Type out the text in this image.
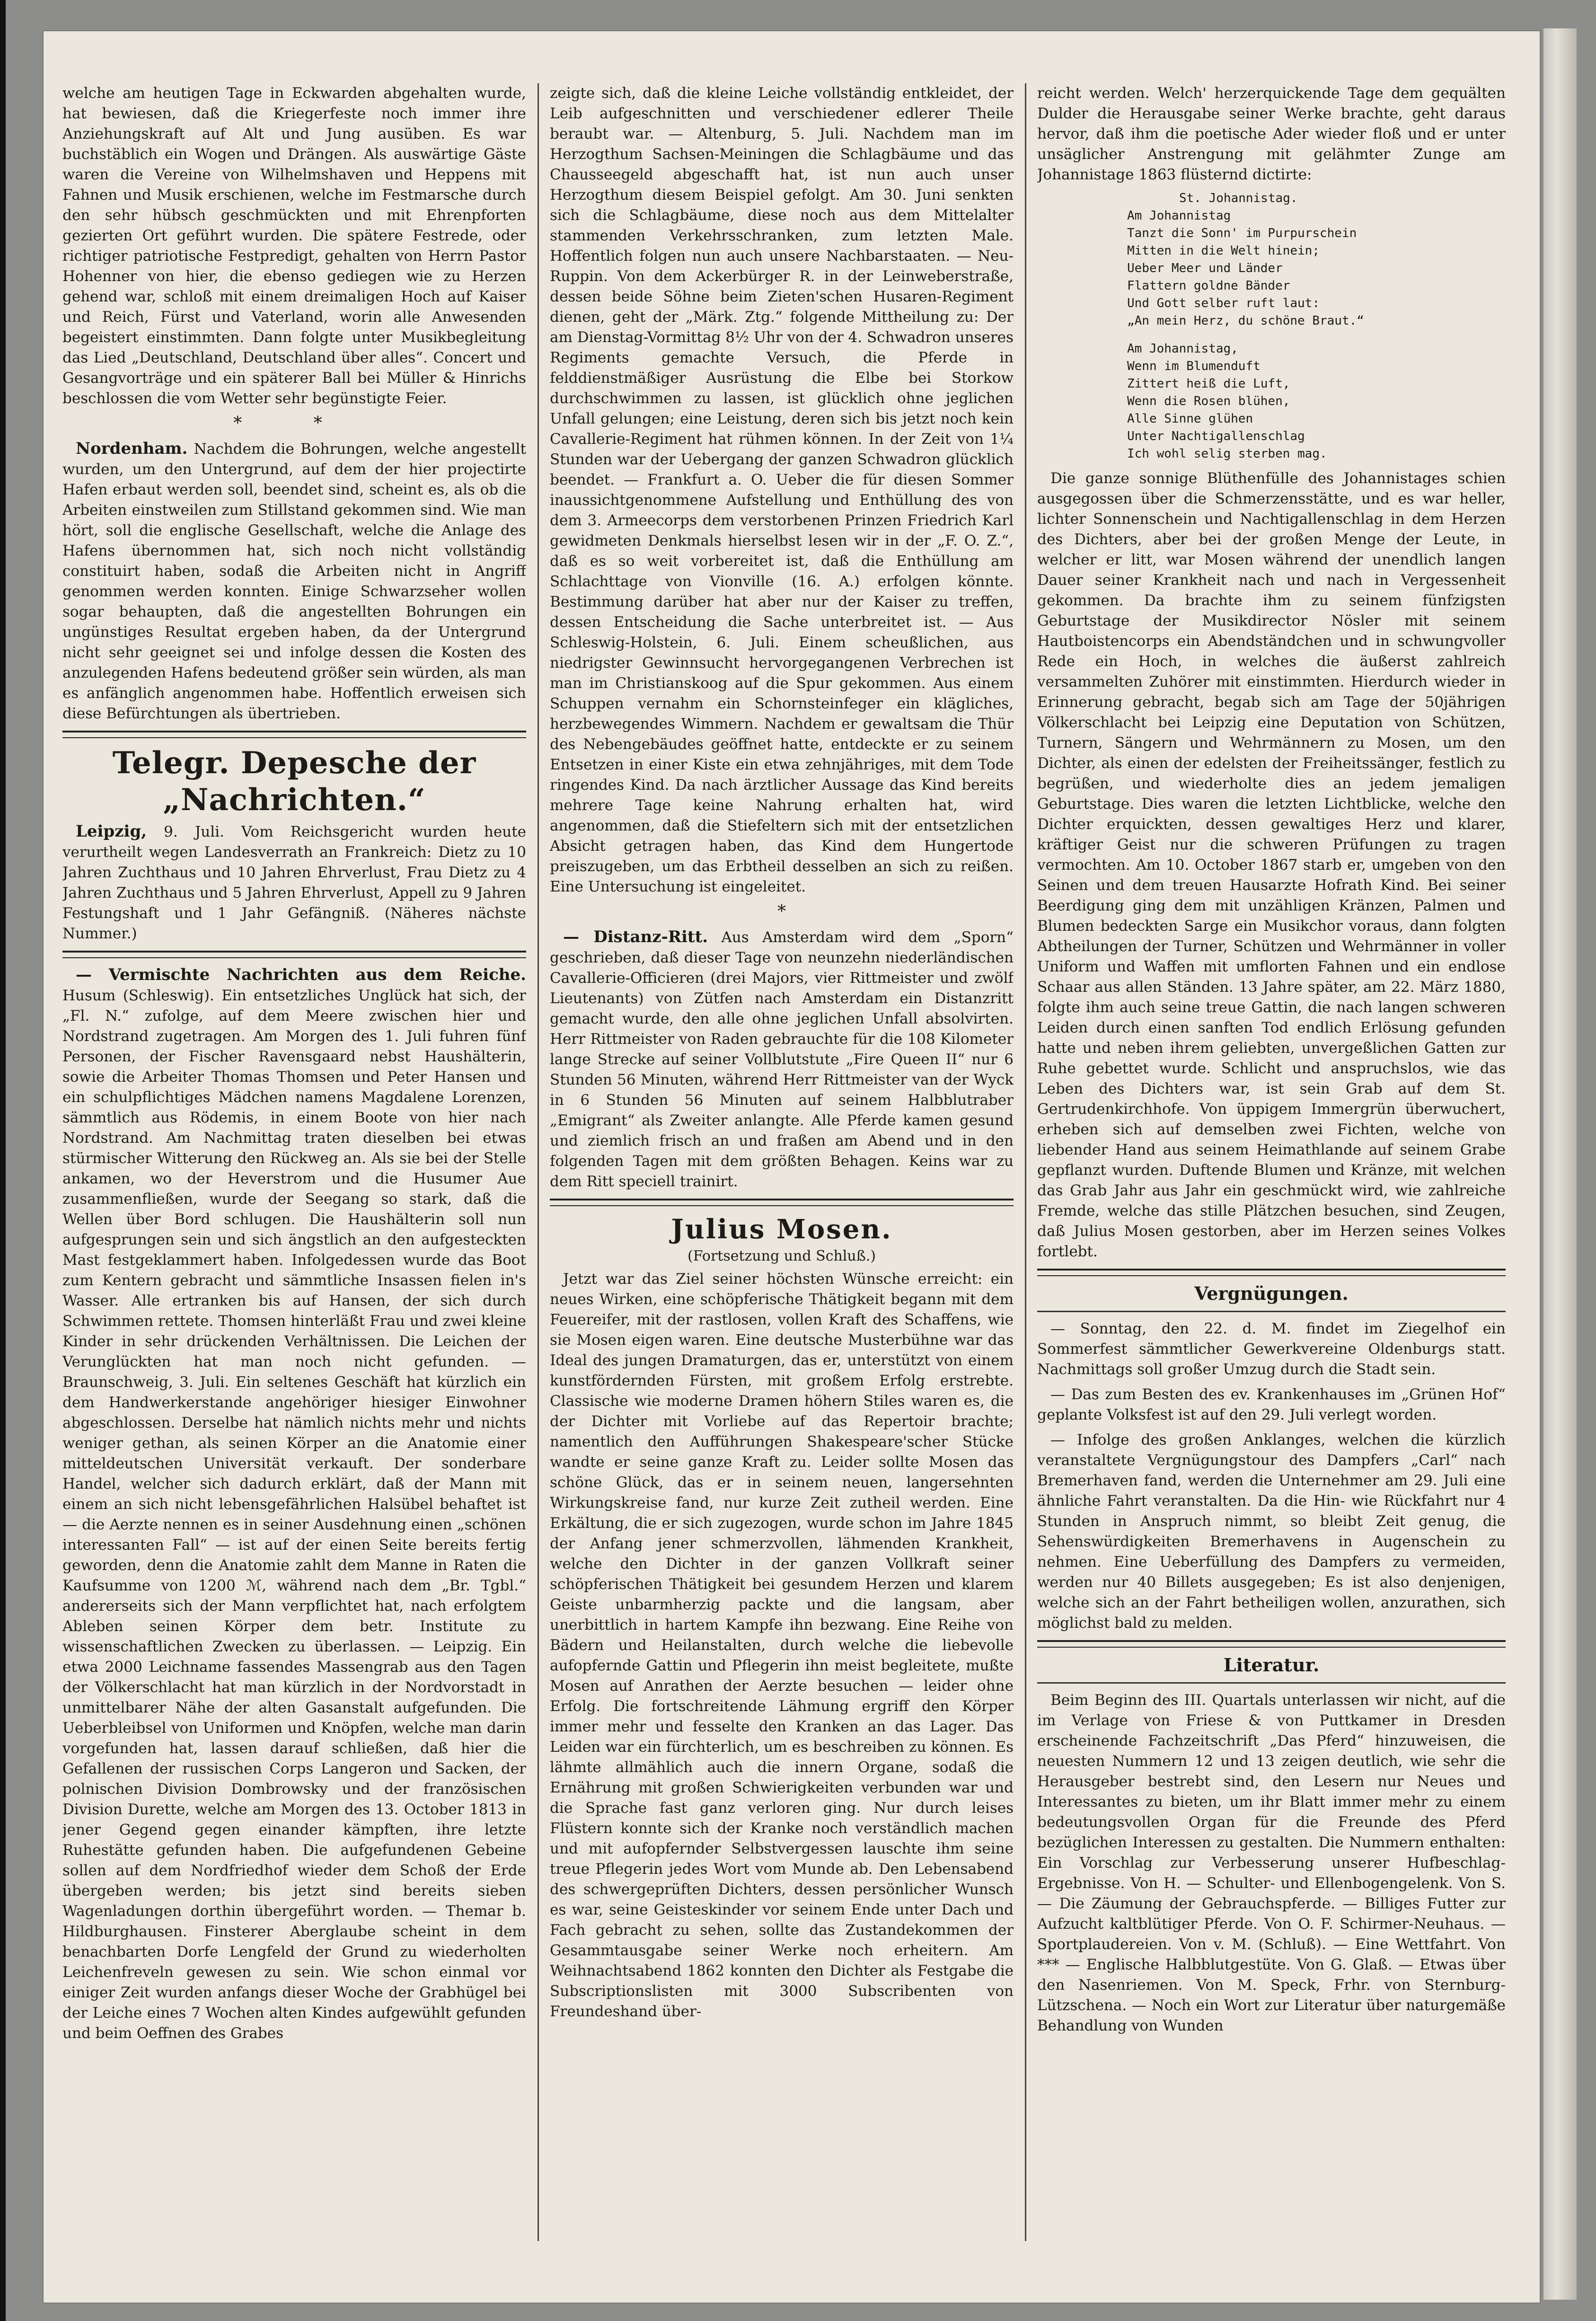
welche am heutigen Tage in Eckwarden abgehalten wurde, hat bewiesen, daß die Kriegerfeste noch immer ihre Anziehungskraft auf Alt und Jung ausüben. Es war buchstäblich ein Wogen und Drängen. Als auswärtige Gäste waren die Vereine von Wilhelmshaven und Heppens mit Fahnen und Musik erschienen, welche im Festmarsche durch den sehr hübsch geschmückten und mit Ehrenpforten gezierten Ort geführt wurden. Die spätere Festrede, oder richtiger patriotische Festpredigt, gehalten von Herrn Pastor Hohenner von hier, die ebenso gediegen wie zu Herzen gehend war, schloß mit einem dreimaligen Hoch auf Kaiser und Reich, Fürst und Vaterland, worin alle Anwesenden begeistert einstimmten. Dann folgte unter Musikbegleitung das Lied „Deutschland, Deutschland über alles“. Concert und Gesangvorträge und ein späterer Ball bei Müller & Hinrichs beschlossen die vom Wetter sehr begünstigte Feier.

* *

Nordenham. Nachdem die Bohrungen, welche angestellt wurden, um den Untergrund, auf dem der hier projectirte Hafen erbaut werden soll, beendet sind, scheint es, als ob die Arbeiten einstweilen zum Stillstand gekommen sind. Wie man hört, soll die englische Gesellschaft, welche die Anlage des Hafens übernommen hat, sich noch nicht vollständig constituirt haben, sodaß die Arbeiten nicht in Angriff genommen werden konnten. Einige Schwarzseher wollen sogar behaupten, daß die angestellten Bohrungen ein ungünstiges Resultat ergeben haben, da der Untergrund nicht sehr geeignet sei und infolge dessen die Kosten des anzulegenden Hafens bedeutend größer sein würden, als man es anfänglich angenommen habe. Hoffentlich erweisen sich diese Befürchtungen als übertrieben.

Telegr. Depesche der „Nachrichten.“

Leipzig, 9. Juli. Vom Reichsgericht wurden heute verurtheilt wegen Landesverrath an Frankreich: Dietz zu 10 Jahren Zuchthaus und 10 Jahren Ehrverlust, Frau Dietz zu 4 Jahren Zuchthaus und 5 Jahren Ehrverlust, Appell zu 9 Jahren Festungshaft und 1 Jahr Gefängniß. (Näheres nächste Nummer.)

— Vermischte Nachrichten aus dem Reiche. Husum (Schleswig). Ein entsetzliches Unglück hat sich, der „Fl. N.“ zufolge, auf dem Meere zwischen hier und Nordstrand zugetragen. Am Morgen des 1. Juli fuhren fünf Personen, der Fischer Ravensgaard nebst Haushälterin, sowie die Arbeiter Thomas Thomsen und Peter Hansen und ein schulpflichtiges Mädchen namens Magdalene Lorenzen, sämmtlich aus Rödemis, in einem Boote von hier nach Nordstrand. Am Nachmittag traten dieselben bei etwas stürmischer Witterung den Rückweg an. Als sie bei der Stelle ankamen, wo der Heverstrom und die Husumer Aue zusammenfließen, wurde der Seegang so stark, daß die Wellen über Bord schlugen. Die Haushälterin soll nun aufgesprungen sein und sich ängstlich an den aufgesteckten Mast festgeklammert haben. Infolgedessen wurde das Boot zum Kentern gebracht und sämmtliche Insassen fielen in's Wasser. Alle ertranken bis auf Hansen, der sich durch Schwimmen rettete. Thomsen hinterläßt Frau und zwei kleine Kinder in sehr drückenden Verhältnissen. Die Leichen der Verunglückten hat man noch nicht gefunden. — Braunschweig, 3. Juli. Ein seltenes Geschäft hat kürzlich ein dem Handwerkerstande angehöriger hiesiger Einwohner abgeschlossen. Derselbe hat nämlich nichts mehr und nichts weniger gethan, als seinen Körper an die Anatomie einer mitteldeutschen Universität verkauft. Der sonderbare Handel, welcher sich dadurch erklärt, daß der Mann mit einem an sich nicht lebensgefährlichen Halsübel behaftet ist — die Aerzte nennen es in seiner Ausdehnung einen „schönen interessanten Fall“ — ist auf der einen Seite bereits fertig geworden, denn die Anatomie zahlt dem Manne in Raten die Kaufsumme von 1200 ℳ, während nach dem „Br. Tgbl.“ andererseits sich der Mann verpflichtet hat, nach erfolgtem Ableben seinen Körper dem betr. Institute zu wissenschaftlichen Zwecken zu überlassen. — Leipzig. Ein etwa 2000 Leichname fassendes Massengrab aus den Tagen der Völkerschlacht hat man kürzlich in der Nordvorstadt in unmittelbarer Nähe der alten Gasanstalt aufgefunden. Die Ueberbleibsel von Uniformen und Knöpfen, welche man darin vorgefunden hat, lassen darauf schließen, daß hier die Gefallenen der russischen Corps Langeron und Sacken, der polnischen Division Dombrowsky und der französischen Division Durette, welche am Morgen des 13. October 1813 in jener Gegend gegen einander kämpften, ihre letzte Ruhestätte gefunden haben. Die aufgefundenen Gebeine sollen auf dem Nordfriedhof wieder dem Schoß der Erde übergeben werden; bis jetzt sind bereits sieben Wagenladungen dorthin übergeführt worden. — Themar b. Hildburghausen. Finsterer Aberglaube scheint in dem benachbarten Dorfe Lengfeld der Grund zu wiederholten Leichenfreveln gewesen zu sein. Wie schon einmal vor einiger Zeit wurden anfangs dieser Woche der Grabhügel bei der Leiche eines 7 Wochen alten Kindes aufgewühlt gefunden und beim Oeffnen des Grabes

zeigte sich, daß die kleine Leiche vollständig entkleidet, der Leib aufgeschnitten und verschiedener edlerer Theile beraubt war. — Altenburg, 5. Juli. Nachdem man im Herzogthum Sachsen-Meiningen die Schlagbäume und das Chausseegeld abgeschafft hat, ist nun auch unser Herzogthum diesem Beispiel gefolgt. Am 30. Juni senkten sich die Schlagbäume, diese noch aus dem Mittelalter stammenden Verkehrsschranken, zum letzten Male. Hoffentlich folgen nun auch unsere Nachbarstaaten. — Neu-Ruppin. Von dem Ackerbürger R. in der Leinweberstraße, dessen beide Söhne beim Zieten'schen Husaren-Regiment dienen, geht der „Märk. Ztg.“ folgende Mittheilung zu: Der am Dienstag-Vormittag 8½ Uhr von der 4. Schwadron unseres Regiments gemachte Versuch, die Pferde in felddienstmäßiger Ausrüstung die Elbe bei Storkow durchschwimmen zu lassen, ist glücklich ohne jeglichen Unfall gelungen; eine Leistung, deren sich bis jetzt noch kein Cavallerie-Regiment hat rühmen können. In der Zeit von 1¼ Stunden war der Uebergang der ganzen Schwadron glücklich beendet. — Frankfurt a. O. Ueber die für diesen Sommer inaussichtgenommene Aufstellung und Enthüllung des von dem 3. Armeecorps dem verstorbenen Prinzen Friedrich Karl gewidmeten Denkmals hierselbst lesen wir in der „F. O. Z.“, daß es so weit vorbereitet ist, daß die Enthüllung am Schlachttage von Vionville (16. A.) erfolgen könnte. Bestimmung darüber hat aber nur der Kaiser zu treffen, dessen Entscheidung die Sache unterbreitet ist. — Aus Schleswig-Holstein, 6. Juli. Einem scheußlichen, aus niedrigster Gewinnsucht hervorgegangenen Verbrechen ist man im Christianskoog auf die Spur gekommen. Aus einem Schuppen vernahm ein Schornsteinfeger ein klägliches, herzbewegendes Wimmern. Nachdem er gewaltsam die Thür des Nebengebäudes geöffnet hatte, entdeckte er zu seinem Entsetzen in einer Kiste ein etwa zehnjähriges, mit dem Tode ringendes Kind. Da nach ärztlicher Aussage das Kind bereits mehrere Tage keine Nahrung erhalten hat, wird angenommen, daß die Stiefeltern sich mit der entsetzlichen Absicht getragen haben, das Kind dem Hungertode preiszugeben, um das Erbtheil desselben an sich zu reißen. Eine Untersuchung ist eingeleitet.

*

— Distanz-Ritt. Aus Amsterdam wird dem „Sporn“ geschrieben, daß dieser Tage von neunzehn niederländischen Cavallerie-Officieren (drei Majors, vier Rittmeister und zwölf Lieutenants) von Zütfen nach Amsterdam ein Distanzritt gemacht wurde, den alle ohne jeglichen Unfall absolvirten. Herr Rittmeister von Raden gebrauchte für die 108 Kilometer lange Strecke auf seiner Vollblutstute „Fire Queen II“ nur 6 Stunden 56 Minuten, während Herr Rittmeister van der Wyck in 6 Stunden 56 Minuten auf seinem Halbblutraber „Emigrant“ als Zweiter anlangte. Alle Pferde kamen gesund und ziemlich frisch an und fraßen am Abend und in den folgenden Tagen mit dem größten Behagen. Keins war zu dem Ritt speciell trainirt.

Julius Mosen.
(Fortsetzung und Schluß.)

Jetzt war das Ziel seiner höchsten Wünsche erreicht: ein neues Wirken, eine schöpferische Thätigkeit begann mit dem Feuereifer, mit der rastlosen, vollen Kraft des Schaffens, wie sie Mosen eigen waren. Eine deutsche Musterbühne war das Ideal des jungen Dramaturgen, das er, unterstützt von einem kunstfördernden Fürsten, mit großem Erfolg erstrebte. Classische wie moderne Dramen höhern Stiles waren es, die der Dichter mit Vorliebe auf das Repertoir brachte; namentlich den Aufführungen Shakespeare'scher Stücke wandte er seine ganze Kraft zu. Leider sollte Mosen das schöne Glück, das er in seinem neuen, langersehnten Wirkungskreise fand, nur kurze Zeit zutheil werden. Eine Erkältung, die er sich zugezogen, wurde schon im Jahre 1845 der Anfang jener schmerzvollen, lähmenden Krankheit, welche den Dichter in der ganzen Vollkraft seiner schöpferischen Thätigkeit bei gesundem Herzen und klarem Geiste unbarmherzig packte und die langsam, aber unerbittlich in hartem Kampfe ihn bezwang. Eine Reihe von Bädern und Heilanstalten, durch welche die liebevolle aufopfernde Gattin und Pflegerin ihn meist begleitete, mußte Mosen auf Anrathen der Aerzte besuchen — leider ohne Erfolg. Die fortschreitende Lähmung ergriff den Körper immer mehr und fesselte den Kranken an das Lager. Das Leiden war ein fürchterlich, um es beschreiben zu können. Es lähmte allmählich auch die innern Organe, sodaß die Ernährung mit großen Schwierigkeiten verbunden war und die Sprache fast ganz verloren ging. Nur durch leises Flüstern konnte sich der Kranke noch verständlich machen und mit aufopfernder Selbstvergessen lauschte ihm seine treue Pflegerin jedes Wort vom Munde ab. Den Lebensabend des schwergeprüften Dichters, dessen persönlicher Wunsch es war, seine Geisteskinder vor seinem Ende unter Dach und Fach gebracht zu sehen, sollte das Zustandekommen der Gesammtausgabe seiner Werke noch erheitern. Am Weihnachtsabend 1862 konnten den Dichter als Festgabe die Subscriptionslisten mit 3000 Subscribenten von Freundeshand über-

reicht werden. Welch' herzerquickende Tage dem gequälten Dulder die Herausgabe seiner Werke brachte, geht daraus hervor, daß ihm die poetische Ader wieder floß und er unter unsäglicher Anstrengung mit gelähmter Zunge am Johannistage 1863 flüsternd dictirte:

St. Johannistag.
Am Johannistag
Tanzt die Sonn' im Purpurschein
Mitten in die Welt hinein;
Ueber Meer und Länder
Flattern goldne Bänder
Und Gott selber ruft laut:
„An mein Herz, du schöne Braut.“
Am Johannistag,
Wenn im Blumenduft
Zittert heiß die Luft,
Wenn die Rosen blühen,
Alle Sinne glühen
Unter Nachtigallenschlag
Ich wohl selig sterben mag.

Die ganze sonnige Blüthenfülle des Johannistages schien ausgegossen über die Schmerzensstätte, und es war heller, lichter Sonnenschein und Nachtigallenschlag in dem Herzen des Dichters, aber bei der großen Menge der Leute, in welcher er litt, war Mosen während der unendlich langen Dauer seiner Krankheit nach und nach in Vergessenheit gekommen. Da brachte ihm zu seinem fünfzigsten Geburtstage der Musikdirector Nösler mit seinem Hautboistencorps ein Abendständchen und in schwungvoller Rede ein Hoch, in welches die äußerst zahlreich versammelten Zuhörer mit einstimmten. Hierdurch wieder in Erinnerung gebracht, begab sich am Tage der 50jährigen Völkerschlacht bei Leipzig eine Deputation von Schützen, Turnern, Sängern und Wehrmännern zu Mosen, um den Dichter, als einen der edelsten der Freiheitssänger, festlich zu begrüßen, und wiederholte dies an jedem jemaligen Geburtstage. Dies waren die letzten Lichtblicke, welche den Dichter erquickten, dessen gewaltiges Herz und klarer, kräftiger Geist nur die schweren Prüfungen zu tragen vermochten. Am 10. October 1867 starb er, umgeben von den Seinen und dem treuen Hausarzte Hofrath Kind. Bei seiner Beerdigung ging dem mit unzähligen Kränzen, Palmen und Blumen bedeckten Sarge ein Musikchor voraus, dann folgten Abtheilungen der Turner, Schützen und Wehrmänner in voller Uniform und Waffen mit umflorten Fahnen und ein endlose Schaar aus allen Ständen. 13 Jahre später, am 22. März 1880, folgte ihm auch seine treue Gattin, die nach langen schweren Leiden durch einen sanften Tod endlich Erlösung gefunden hatte und neben ihrem geliebten, unvergeßlichen Gatten zur Ruhe gebettet wurde. Schlicht und anspruchslos, wie das Leben des Dichters war, ist sein Grab auf dem St. Gertrudenkirchhofe. Von üppigem Immergrün überwuchert, erheben sich auf demselben zwei Fichten, welche von liebender Hand aus seinem Heimathlande auf seinem Grabe gepflanzt wurden. Duftende Blumen und Kränze, mit welchen das Grab Jahr aus Jahr ein geschmückt wird, wie zahlreiche Fremde, welche das stille Plätzchen besuchen, sind Zeugen, daß Julius Mosen gestorben, aber im Herzen seines Volkes fortlebt.

Vergnügungen.

— Sonntag, den 22. d. M. findet im Ziegelhof ein Sommerfest sämmtlicher Gewerkvereine Oldenburgs statt. Nachmittags soll großer Umzug durch die Stadt sein.

— Das zum Besten des ev. Krankenhauses im „Grünen Hof“ geplante Volksfest ist auf den 29. Juli verlegt worden.

— Infolge des großen Anklanges, welchen die kürzlich veranstaltete Vergnügungstour des Dampfers „Carl“ nach Bremerhaven fand, werden die Unternehmer am 29. Juli eine ähnliche Fahrt veranstalten. Da die Hin- wie Rückfahrt nur 4 Stunden in Anspruch nimmt, so bleibt Zeit genug, die Sehenswürdigkeiten Bremerhavens in Augenschein zu nehmen. Eine Ueberfüllung des Dampfers zu vermeiden, werden nur 40 Billets ausgegeben; Es ist also denjenigen, welche sich an der Fahrt betheiligen wollen, anzurathen, sich möglichst bald zu melden.

Literatur.

Beim Beginn des III. Quartals unterlassen wir nicht, auf die im Verlage von Friese & von Puttkamer in Dresden erscheinende Fachzeitschrift „Das Pferd“ hinzuweisen, die neuesten Nummern 12 und 13 zeigen deutlich, wie sehr die Herausgeber bestrebt sind, den Lesern nur Neues und Interessantes zu bieten, um ihr Blatt immer mehr zu einem bedeutungsvollen Organ für die Freunde des Pferd bezüglichen Interessen zu gestalten. Die Nummern enthalten: Ein Vorschlag zur Verbesserung unserer Hufbeschlag-Ergebnisse. Von H. — Schulter- und Ellenbogengelenk. Von S. — Die Zäumung der Gebrauchspferde. — Billiges Futter zur Aufzucht kaltblütiger Pferde. Von O. F. Schirmer-Neuhaus. — Sportplaudereien. Von v. M. (Schluß). — Eine Wettfahrt. Von *** — Englische Halbblutgestüte. Von G. Glaß. — Etwas über den Nasenriemen. Von M. Speck, Frhr. von Sternburg-Lützschena. — Noch ein Wort zur Literatur über naturgemäße Behandlung von Wunden
